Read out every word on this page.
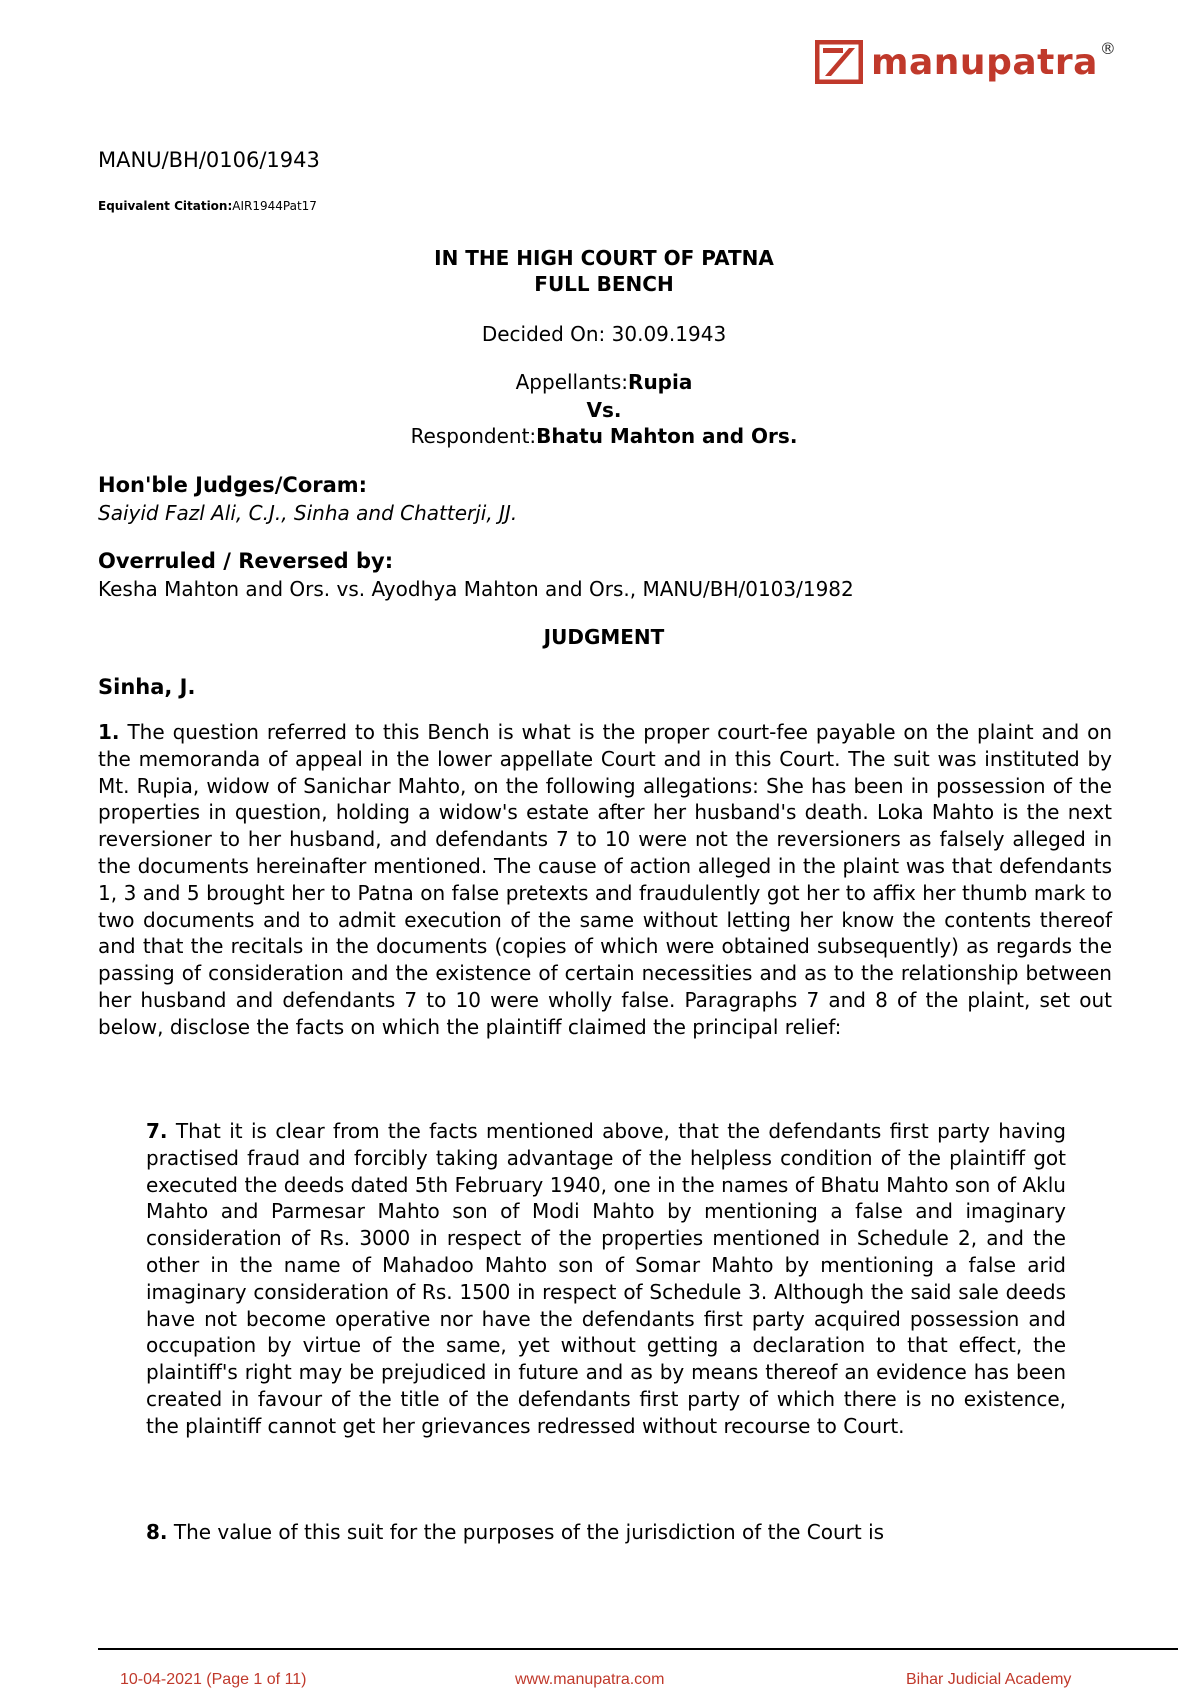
manupatra ®
MANU/BH/0106/1943
Equivalent Citation:AIR1944Pat17
IN THE HIGH COURT OF PATNA
FULL BENCH
Decided On: 30.09.1943
Appellants:Rupia
Vs.
Respondent:Bhatu Mahton and Ors.
Hon'ble Judges/Coram:
Saiyid Fazl Ali, C.J., Sinha and Chatterji, JJ.
Overruled / Reversed by:
Kesha Mahton and Ors. vs. Ayodhya Mahton and Ors., MANU/BH/0103/1982
JUDGMENT
Sinha, J.
1. The question referred to this Bench is what is the proper court-fee payable on the plaint and on the memoranda of appeal in the lower appellate Court and in this Court. The suit was instituted by Mt. Rupia, widow of Sanichar Mahto, on the following allegations: She has been in possession of the properties in question, holding a widow's estate after her husband's death. Loka Mahto is the next reversioner to her husband, and defendants 7 to 10 were not the reversioners as falsely alleged in the documents hereinafter mentioned. The cause of action alleged in the plaint was that defendants 1, 3 and 5 brought her to Patna on false pretexts and fraudulently got her to affix her thumb mark to two documents and to admit execution of the same without letting her know the contents thereof and that the recitals in the documents (copies of which were obtained subsequently) as regards the passing of consideration and the existence of certain necessities and as to the relationship between her husband and defendants 7 to 10 were wholly false. Paragraphs 7 and 8 of the plaint, set out below, disclose the facts on which the plaintiff claimed the principal relief:
7. That it is clear from the facts mentioned above, that the defendants first party having practised fraud and forcibly taking advantage of the helpless condition of the plaintiff got executed the deeds dated 5th February 1940, one in the names of Bhatu Mahto son of Aklu Mahto and Parmesar Mahto son of Modi Mahto by mentioning a false and imaginary consideration of Rs. 3000 in respect of the properties mentioned in Schedule 2, and the other in the name of Mahadoo Mahto son of Somar Mahto by mentioning a false arid imaginary consideration of Rs. 1500 in respect of Schedule 3. Although the said sale deeds have not become operative nor have the defendants first party acquired possession and occupation by virtue of the same, yet without getting a declaration to that effect, the plaintiff's right may be prejudiced in future and as by means thereof an evidence has been created in favour of the title of the defendants first party of which there is no existence, the plaintiff cannot get her grievances redressed without recourse to Court.
8. The value of this suit for the purposes of the jurisdiction of the Court is
10-04-2021 (Page 1 of 11)	www.manupatra.com	Bihar Judicial Academy
